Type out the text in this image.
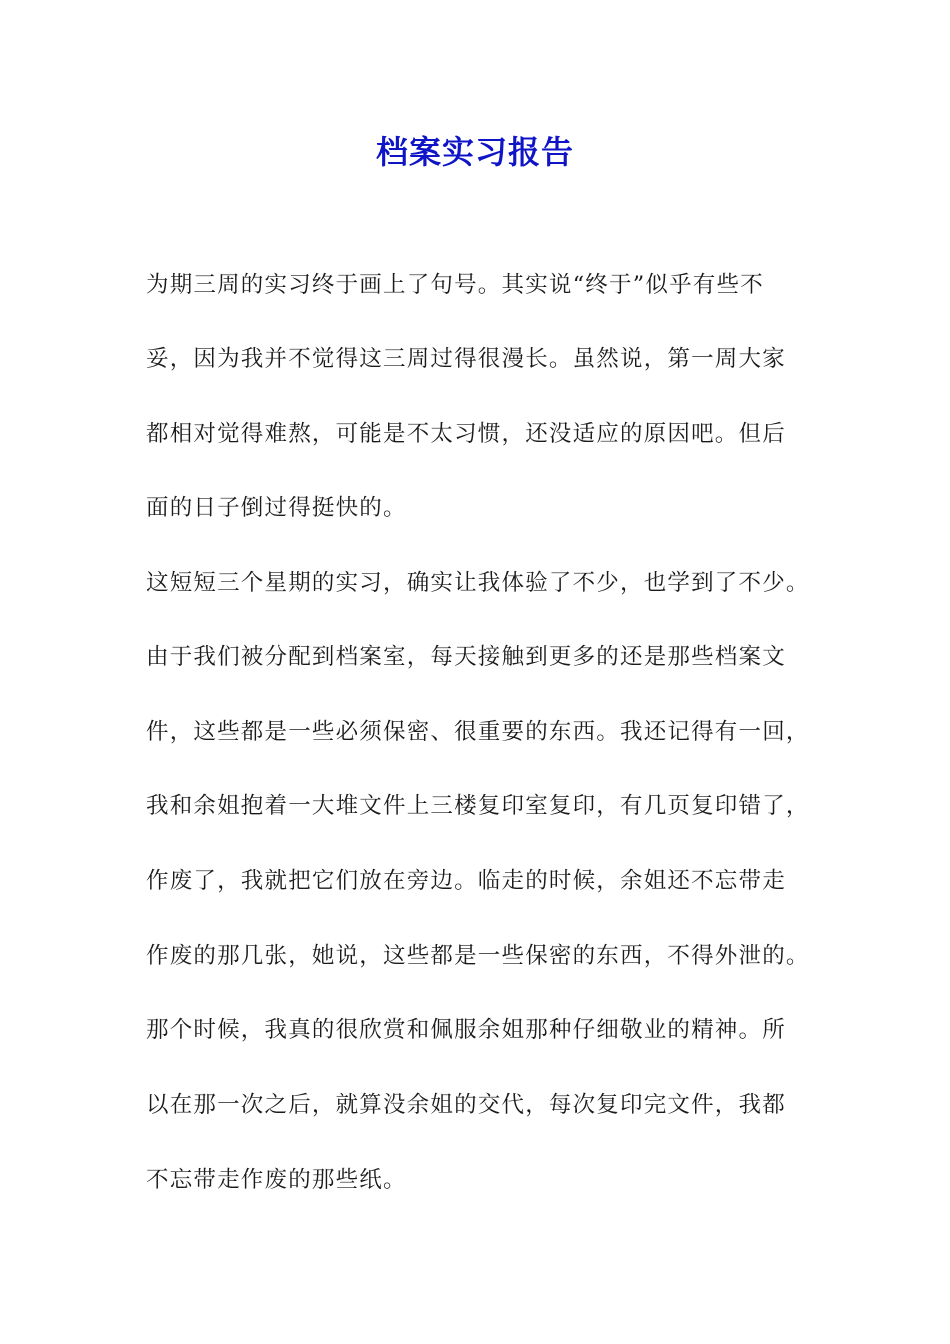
档案实习报告

为期三周的实习终于画上了句号。其实说“终于”似乎有些不

妥，因为我并不觉得这三周过得很漫长。虽然说，第一周大家

都相对觉得难熬，可能是不太习惯，还没适应的原因吧。但后

面的日子倒过得挺快的。

这短短三个星期的实习，确实让我体验了不少，也学到了不少。

由于我们被分配到档案室，每天接触到更多的还是那些档案文

件，这些都是一些必须保密、很重要的东西。我还记得有一回，

我和余姐抱着一大堆文件上三楼复印室复印，有几页复印错了，

作废了，我就把它们放在旁边。临走的时候，余姐还不忘带走

作废的那几张，她说，这些都是一些保密的东西，不得外泄的。

那个时候，我真的很欣赏和佩服余姐那种仔细敬业的精神。所

以在那一次之后，就算没余姐的交代，每次复印完文件，我都

不忘带走作废的那些纸。
